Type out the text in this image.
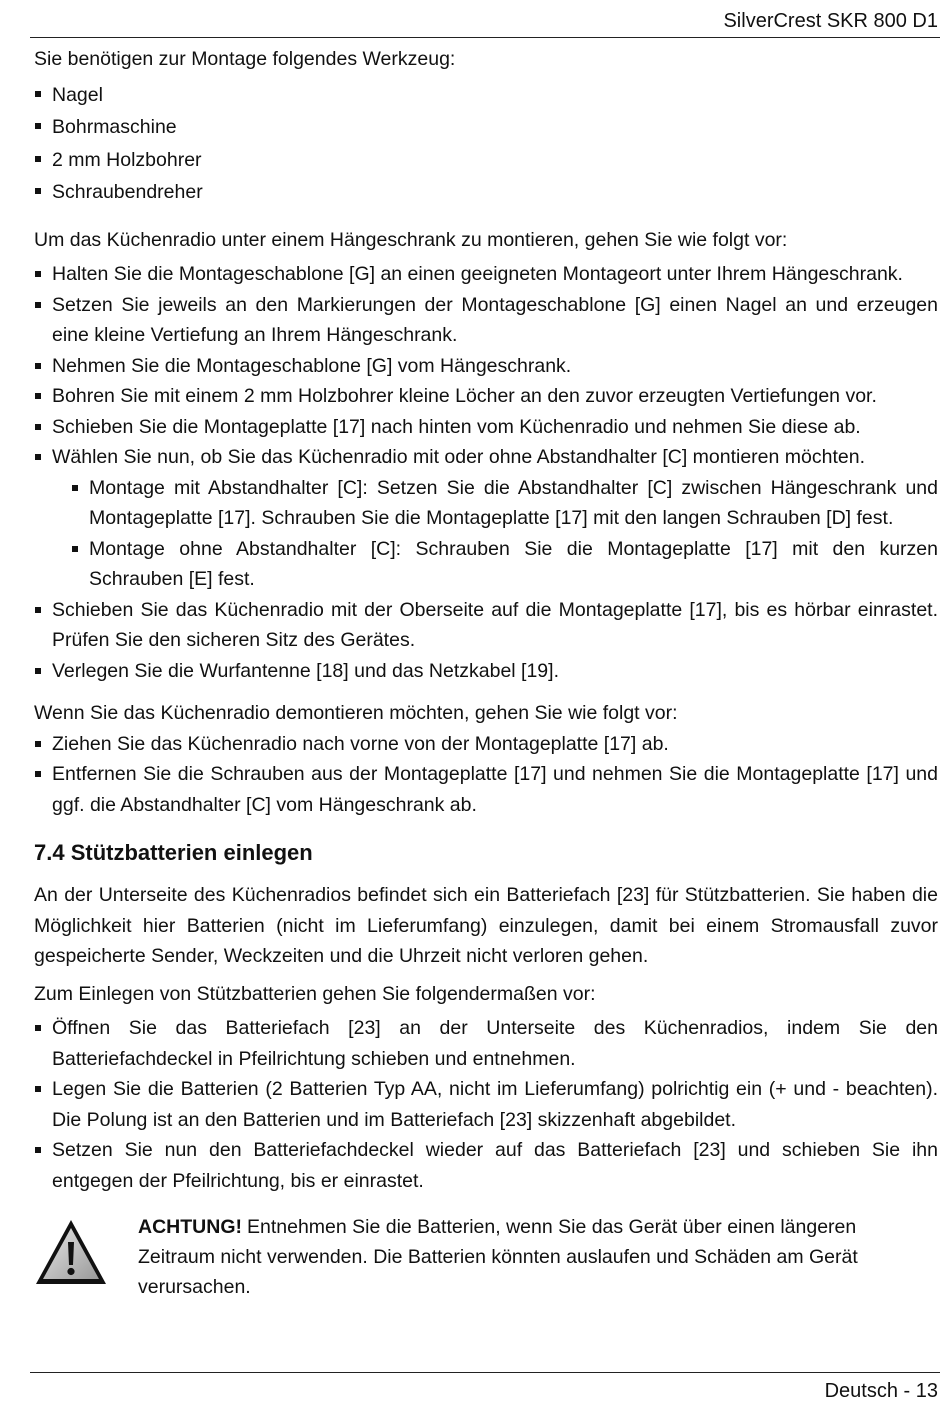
SilverCrest SKR 800 D1

Sie benötigen zur Montage folgendes Werkzeug:

Nagel
Bohrmaschine
2 mm Holzbohrer
Schraubendreher

Um das Küchenradio unter einem Hängeschrank zu montieren, gehen Sie wie folgt vor:

Halten Sie die Montageschablone [G] an einen geeigneten Montageort unter Ihrem Hängeschrank.
Setzen Sie jeweils an den Markierungen der Montageschablone [G] einen Nagel an und erzeugen eine kleine Vertiefung an Ihrem Hängeschrank.
Nehmen Sie die Montageschablone [G] vom Hängeschrank.
Bohren Sie mit einem 2 mm Holzbohrer kleine Löcher an den zuvor erzeugten Vertiefungen vor.
Schieben Sie die Montageplatte [17] nach hinten vom Küchenradio und nehmen Sie diese ab.
Wählen Sie nun, ob Sie das Küchenradio mit oder ohne Abstandhalter [C] montieren möchten.
Montage mit Abstandhalter [C]: Setzen Sie die Abstandhalter [C] zwischen Hängeschrank und Montageplatte [17]. Schrauben Sie die Montageplatte [17] mit den langen Schrauben [D] fest.
Montage ohne Abstandhalter [C]: Schrauben Sie die Montageplatte [17] mit den kurzen Schrauben [E] fest.
Schieben Sie das Küchenradio mit der Oberseite auf die Montageplatte [17], bis es hörbar einrastet. Prüfen Sie den sicheren Sitz des Gerätes.
Verlegen Sie die Wurfantenne [18] und das Netzkabel [19].

Wenn Sie das Küchenradio demontieren möchten, gehen Sie wie folgt vor:

Ziehen Sie das Küchenradio nach vorne von der Montageplatte [17] ab.
Entfernen Sie die Schrauben aus der Montageplatte [17] und nehmen Sie die Montageplatte [17] und ggf. die Abstandhalter [C] vom Hängeschrank ab.
7.4 Stützbatterien einlegen

An der Unterseite des Küchenradios befindet sich ein Batteriefach [23] für Stützbatterien. Sie haben die Möglichkeit hier Batterien (nicht im Lieferumfang) einzulegen, damit bei einem Stromausfall zuvor gespeicherte Sender, Weckzeiten und die Uhrzeit nicht verloren gehen.

Zum Einlegen von Stützbatterien gehen Sie folgendermaßen vor:

Öffnen Sie das Batteriefach [23] an der Unterseite des Küchenradios, indem Sie den Batteriefachdeckel in Pfeilrichtung schieben und entnehmen.
Legen Sie die Batterien (2 Batterien Typ AA, nicht im Lieferumfang) polrichtig ein (+ und - beachten). Die Polung ist an den Batterien und im Batteriefach [23] skizzenhaft abgebildet.
Setzen Sie nun den Batteriefachdeckel wieder auf das Batteriefach [23] und schieben Sie ihn entgegen der Pfeilrichtung, bis er einrastet.
ACHTUNG! Entnehmen Sie die Batterien, wenn Sie das Gerät über einen längeren Zeitraum nicht verwenden. Die Batterien könnten auslaufen und Schäden am Gerät verursachen.
Deutsch - 13
